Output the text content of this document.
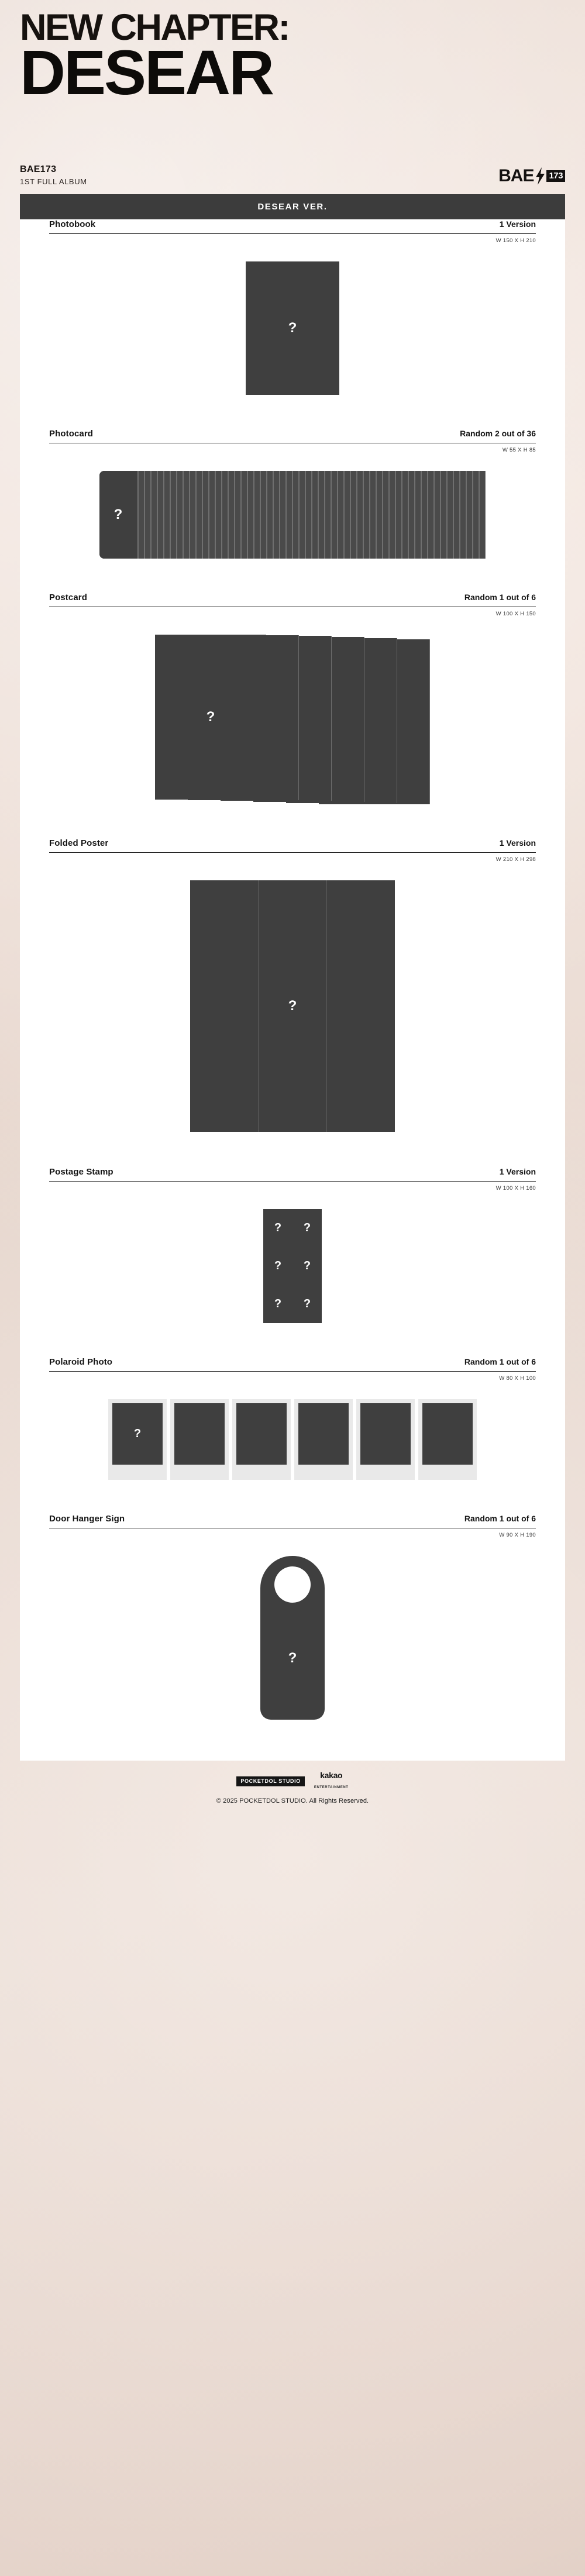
NEW CHAPTER:
DESEAR
BAE173
1ST FULL ALBUM	BAE 173
DESEAR VER.
Photobook	1 Version
W 150 X H 210
?
Photocard	Random 2 out of 36
W 55 X H 85
?
Postcard	Random 1 out of 6
W 100 X H 150
?
Folded Poster	1 Version
W 210 X H 298
?
Postage Stamp	1 Version
W 100 X H 160
? ?
? ?
? ?
Polaroid Photo	Random 1 out of 6
W 80 X H 100
?
Door Hanger Sign	Random 1 out of 6
W 90 X H 190
?
POCKETDOL STUDIO
kakao
ENTERTAINMENT
© 2025 POCKETDOL STUDIO. All Rights Reserved.
